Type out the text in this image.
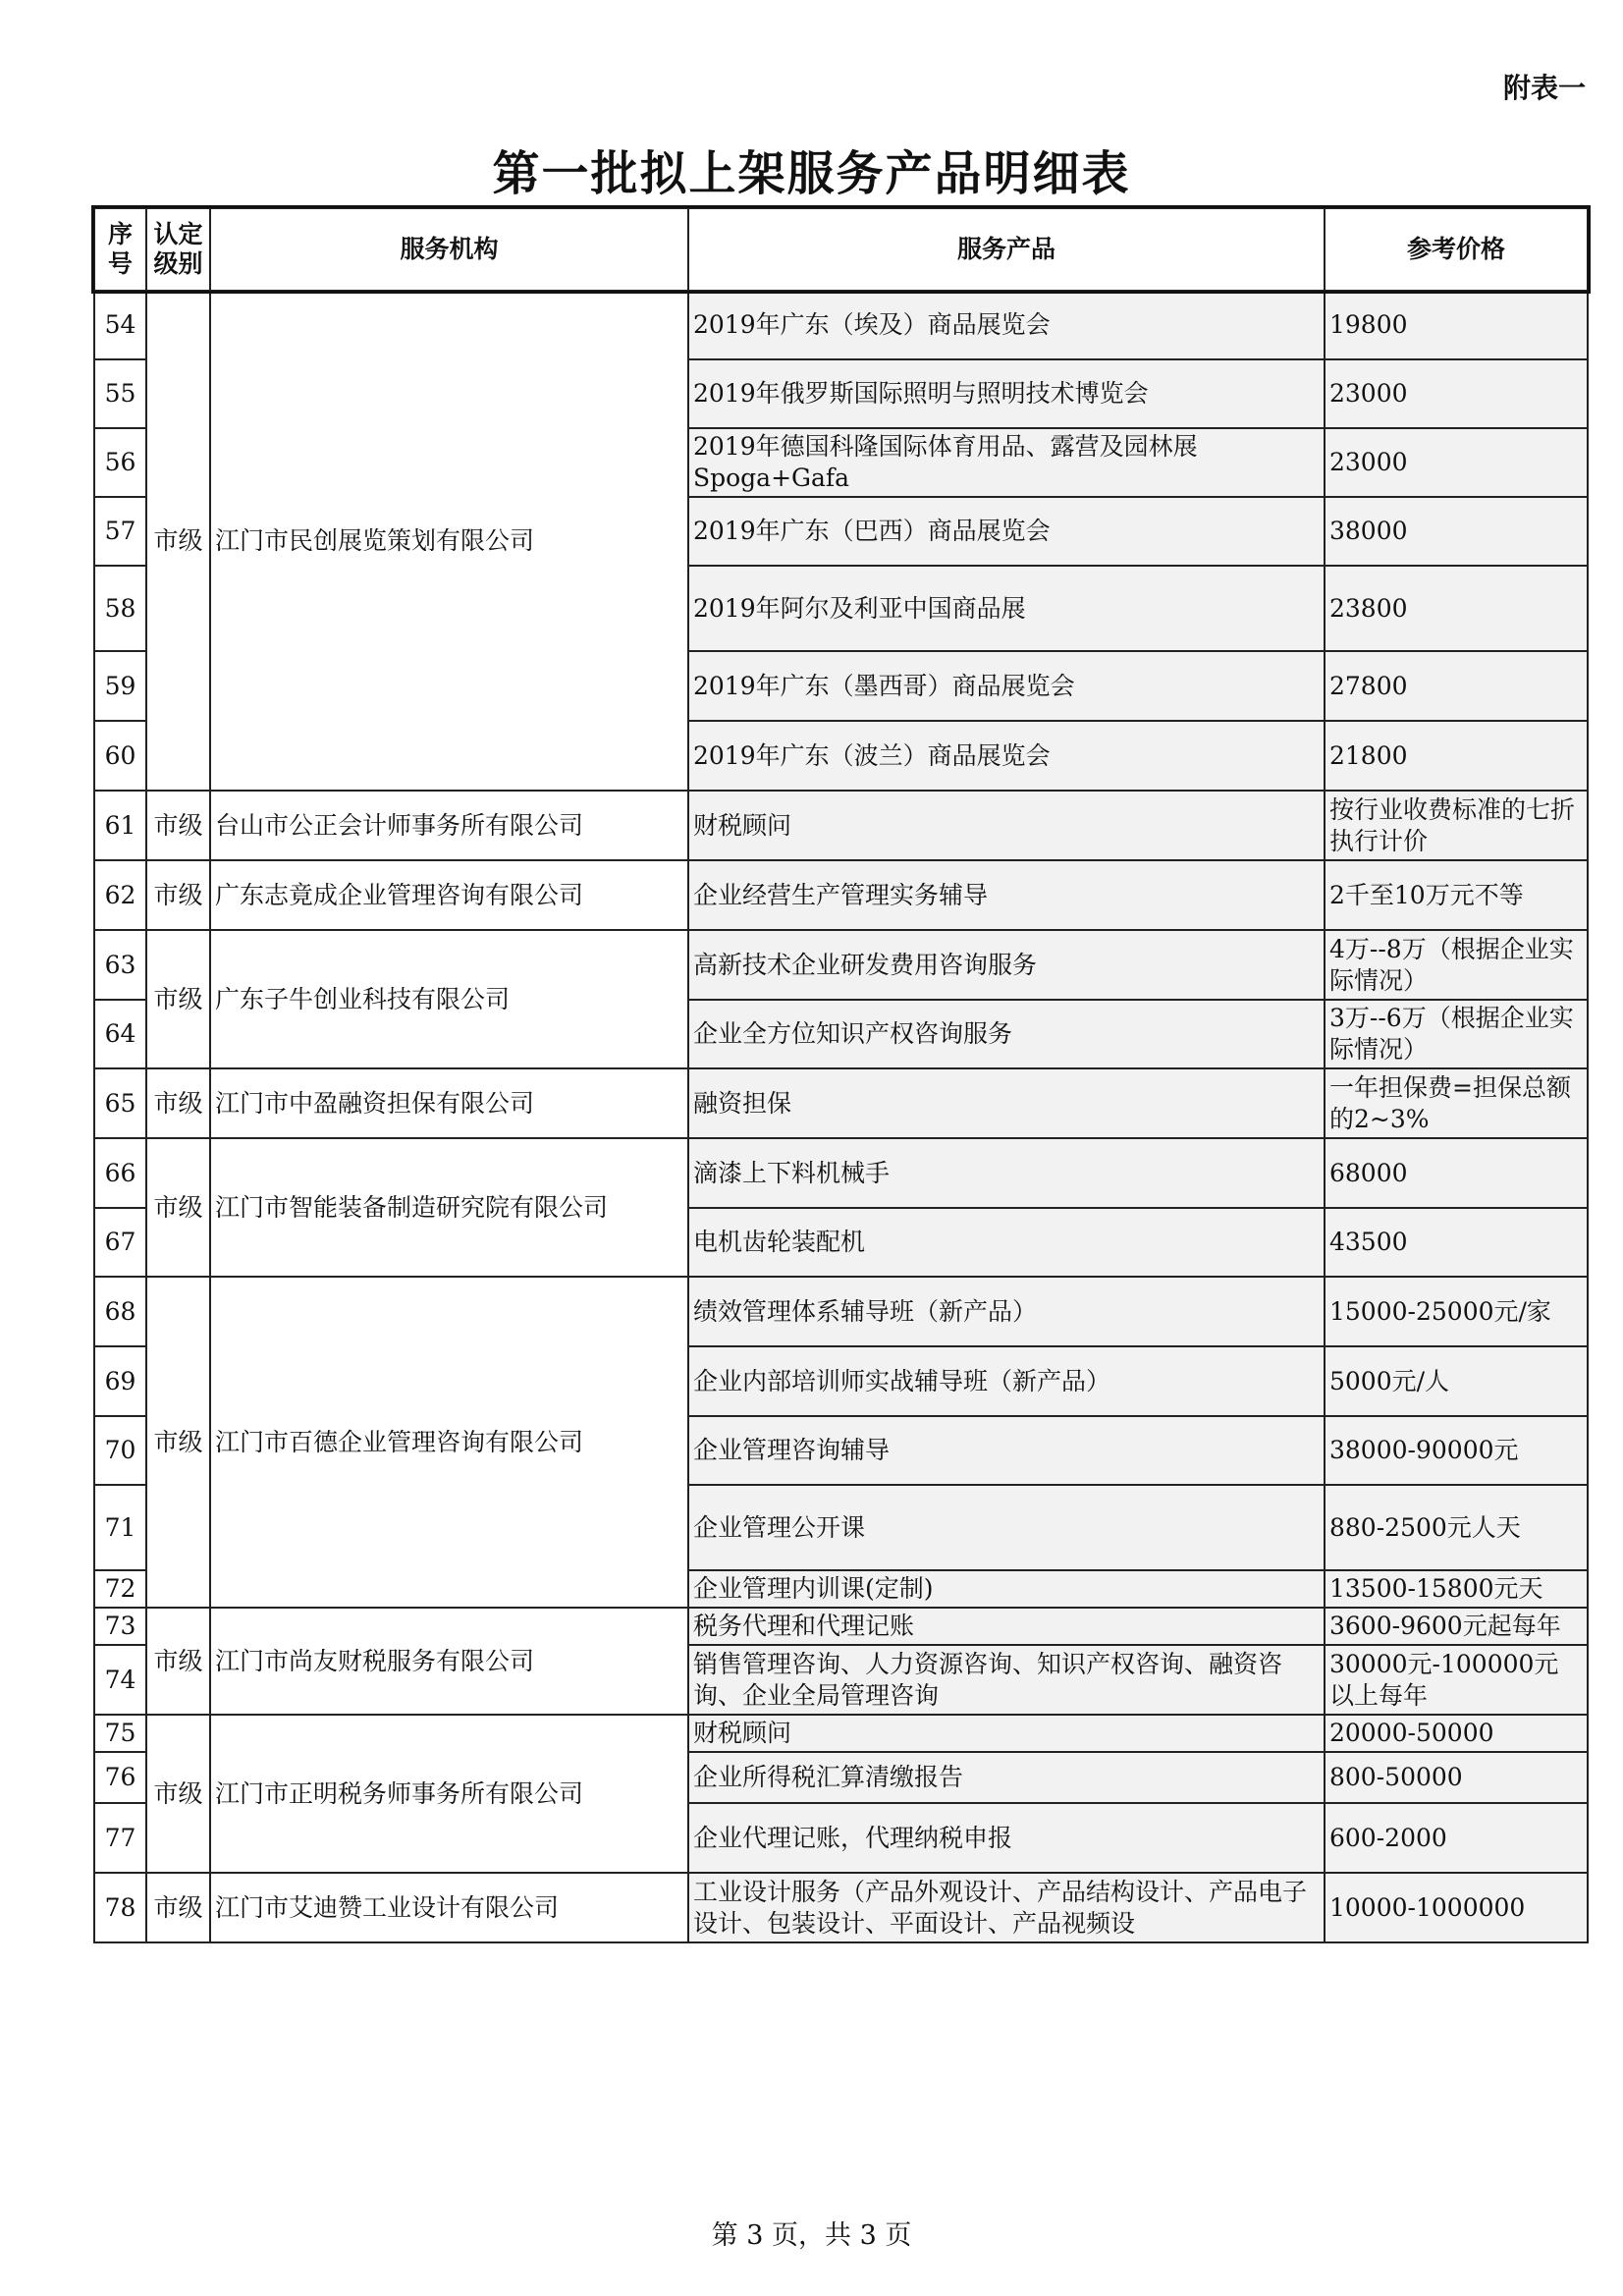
附表一
第一批拟上架服务产品明细表
序号	认定级别	服务机构	服务产品	参考价格
54	市级	江门市民创展览策划有限公司	2019年广东（埃及）商品展览会	19800
55			2019年俄罗斯国际照明与照明技术博览会	23000
56			2019年德国科隆国际体育用品、露营及园林展Spoga+Gafa	23000
57			2019年广东（巴西）商品展览会	38000
58			2019年阿尔及利亚中国商品展	23800
59			2019年广东（墨西哥）商品展览会	27800
60			2019年广东（波兰）商品展览会	21800
61	市级	台山市公正会计师事务所有限公司	财税顾问	按行业收费标准的七折执行计价
62	市级	广东志竟成企业管理咨询有限公司	企业经营生产管理实务辅导	2千至10万元不等
63	市级	广东子牛创业科技有限公司	高新技术企业研发费用咨询服务	4万--8万（根据企业实际情况）
64			企业全方位知识产权咨询服务	3万--6万（根据企业实际情况）
65	市级	江门市中盈融资担保有限公司	融资担保	一年担保费=担保总额的2~3%
66	市级	江门市智能装备制造研究院有限公司	滴漆上下料机械手	68000
67			电机齿轮装配机	43500
68	市级	江门市百德企业管理咨询有限公司	绩效管理体系辅导班（新产品）	15000-25000元/家
69			企业内部培训师实战辅导班（新产品）	5000元/人
70			企业管理咨询辅导	38000-90000元
71			企业管理公开课	880-2500元人天
72			企业管理内训课(定制)	13500-15800元天
73	市级	江门市尚友财税服务有限公司	税务代理和代理记账	3600-9600元起每年
74			销售管理咨询、人力资源咨询、知识产权咨询、融资咨询、企业全局管理咨询	30000元-100000元以上每年
75	市级	江门市正明税务师事务所有限公司	财税顾问	20000-50000
76			企业所得税汇算清缴报告	800-50000
77			企业代理记账，代理纳税申报	600-2000
78	市级	江门市艾迪赞工业设计有限公司	工业设计服务（产品外观设计、产品结构设计、产品电子设计、包装设计、平面设计、产品视频设	10000-1000000
第 3 页，共 3 页
